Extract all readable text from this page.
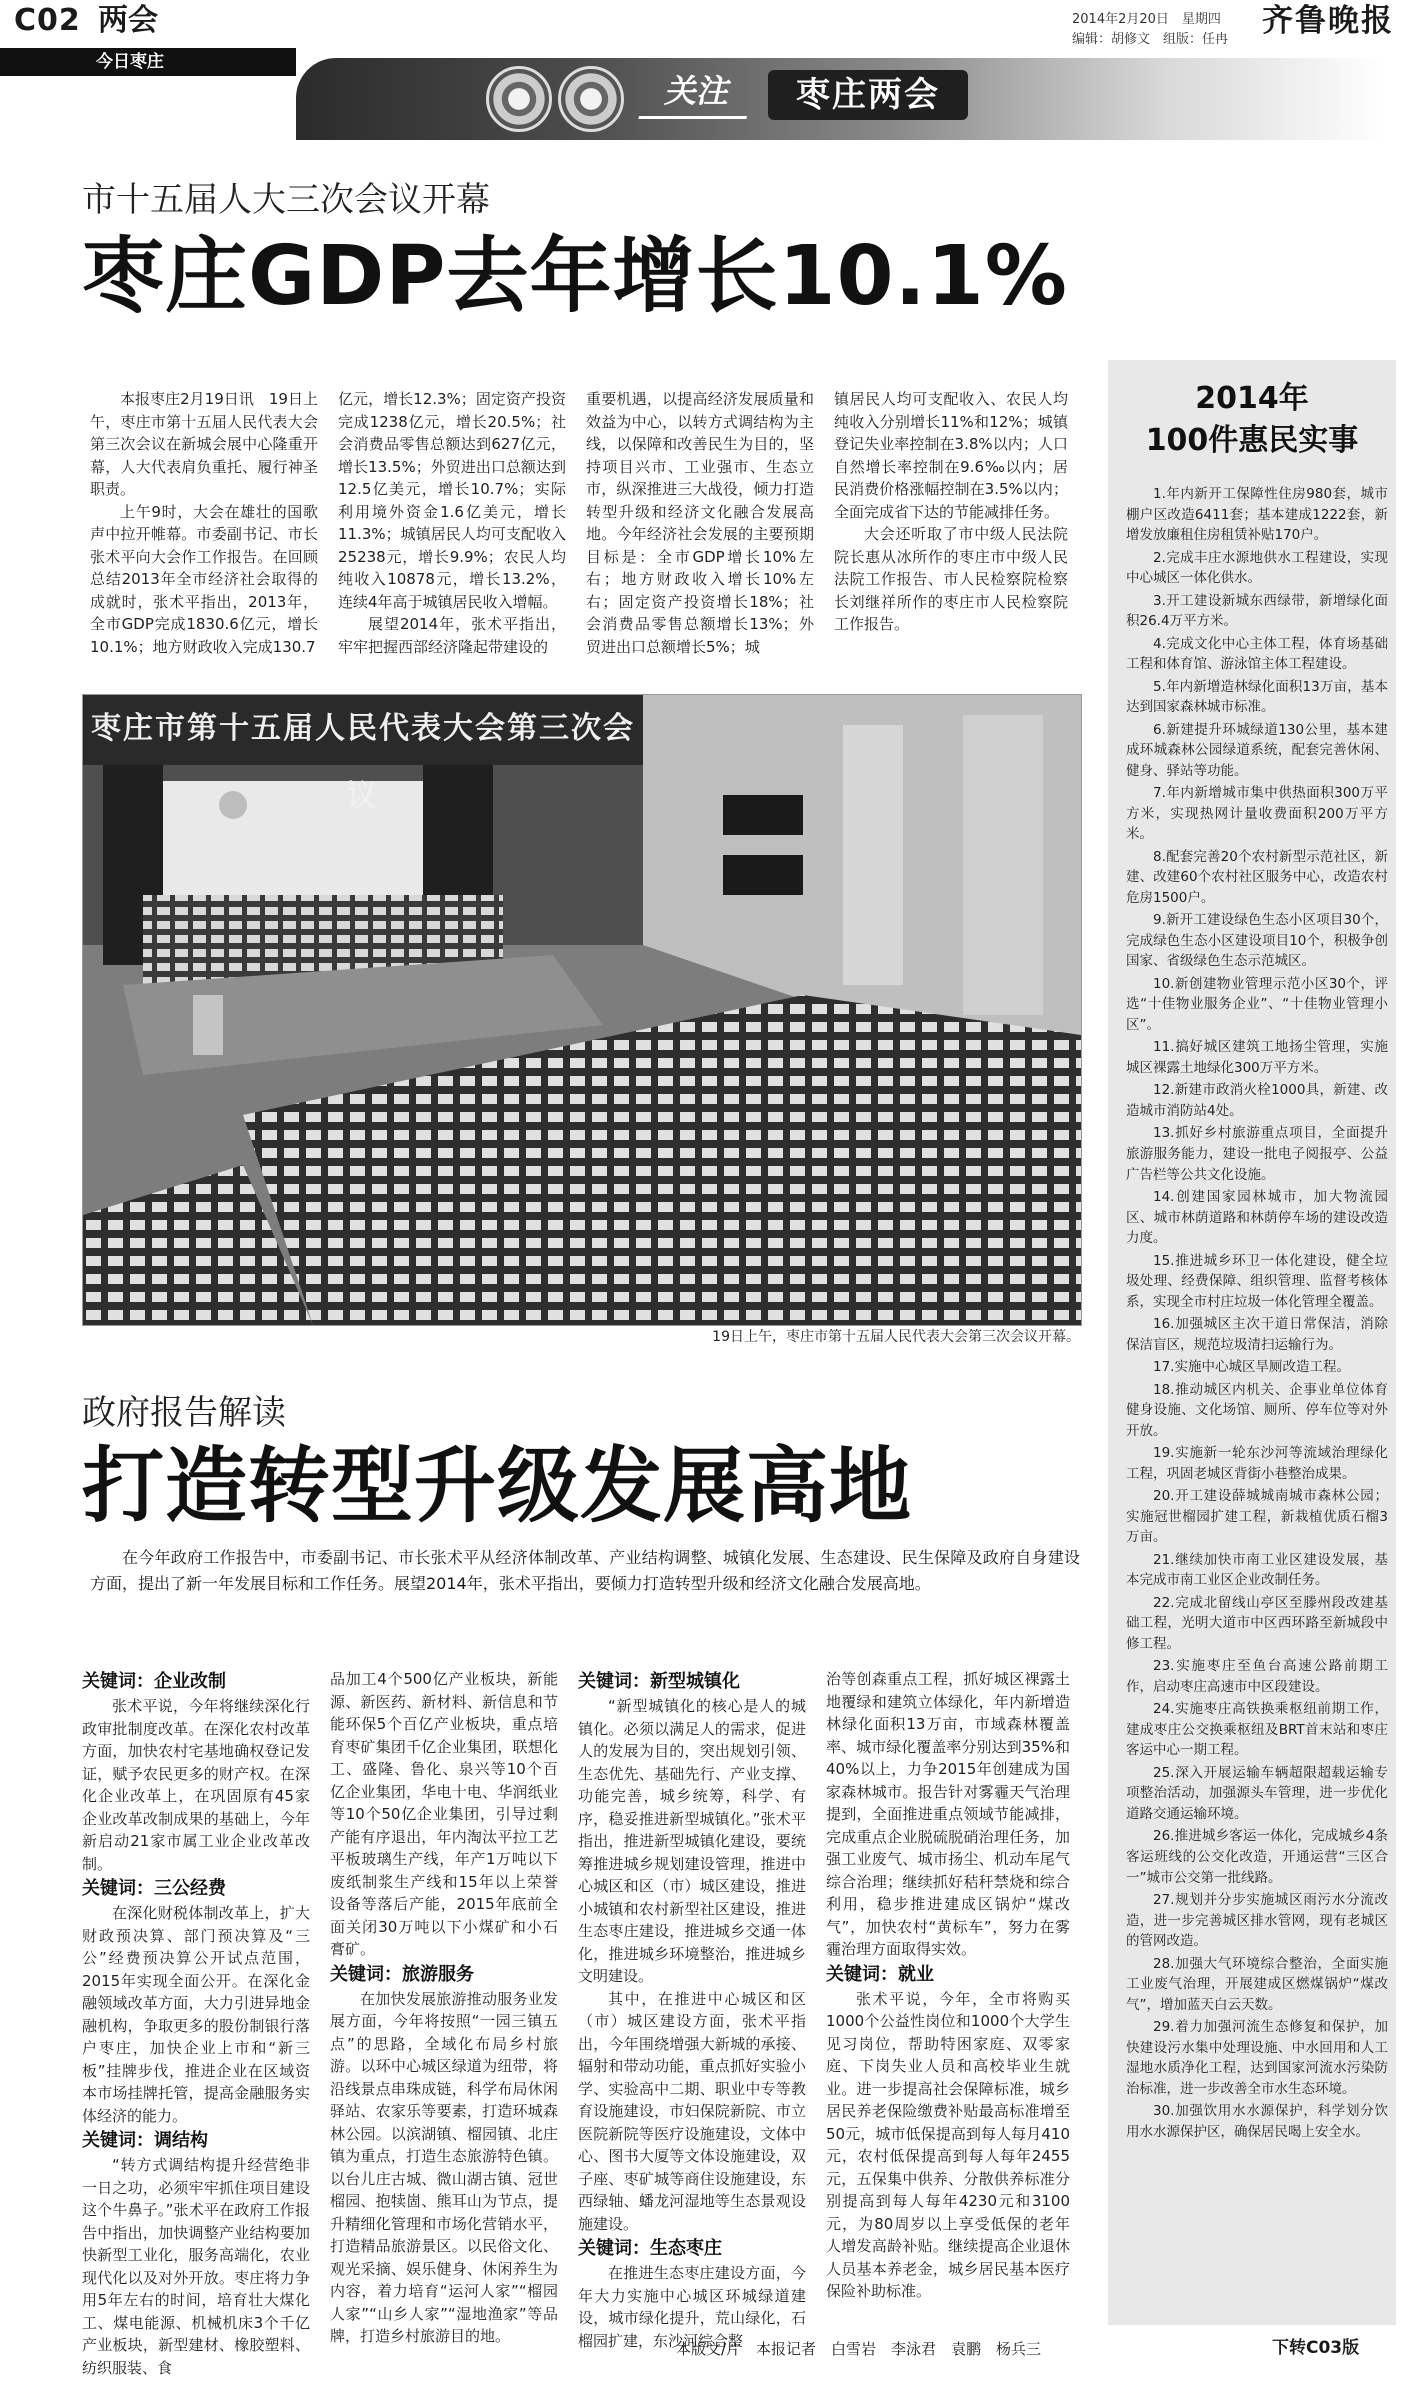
C02 两会
今日枣庄
2014年2月20日　星期四
编辑：胡修文　组版：任冉
齐鲁晚报
关注	枣庄两会
市十五届人大三次会议开幕
枣庄GDP去年增长10.1%

本报枣庄2月19日讯　19日上午，枣庄市第十五届人民代表大会第三次会议在新城会展中心隆重开幕，人大代表肩负重托、履行神圣职责。

上午9时，大会在雄壮的国歌声中拉开帷幕。市委副书记、市长张术平向大会作工作报告。在回顾总结2013年全市经济社会取得的成就时，张术平指出，2013年，全市GDP完成1830.6亿元，增长10.1%；地方财政收入完成130.7

亿元，增长12.3%；固定资产投资完成1238亿元，增长20.5%；社会消费品零售总额达到627亿元，增长13.5%；外贸进出口总额达到12.5亿美元，增长10.7%；实际利用境外资金1.6亿美元，增长11.3%；城镇居民人均可支配收入25238元，增长9.9%；农民人均纯收入10878元，增长13.2%，连续4年高于城镇居民收入增幅。

展望2014年，张术平指出，牢牢把握西部经济隆起带建设的

重要机遇，以提高经济发展质量和效益为中心，以转方式调结构为主线，以保障和改善民生为目的，坚持项目兴市、工业强市、生态立市，纵深推进三大战役，倾力打造转型升级和经济文化融合发展高地。今年经济社会发展的主要预期目标是：全市GDP增长10%左右；地方财政收入增长10%左右；固定资产投资增长18%；社会消费品零售总额增长13%；外贸进出口总额增长5%；城

镇居民人均可支配收入、农民人均纯收入分别增长11%和12%；城镇登记失业率控制在3.8%以内；人口自然增长率控制在9.6‰以内；居民消费价格涨幅控制在3.5%以内；全面完成省下达的节能减排任务。

大会还听取了市中级人民法院院长惠从冰所作的枣庄市中级人民法院工作报告、市人民检察院检察长刘继祥所作的枣庄市人民检察院工作报告。

枣庄市第十五届人民代表大会第三次会议
19日上午，枣庄市第十五届人民代表大会第三次会议开幕。
2014年
100件惠民实事

1.年内新开工保障性住房980套，城市棚户区改造6411套；基本建成1222套，新增发放廉租住房租赁补贴170户。

2.完成丰庄水源地供水工程建设，实现中心城区一体化供水。

3.开工建设新城东西绿带，新增绿化面积26.4万平方米。

4.完成文化中心主体工程，体育场基础工程和体育馆、游泳馆主体工程建设。

5.年内新增造林绿化面积13万亩，基本达到国家森林城市标准。

6.新建提升环城绿道130公里，基本建成环城森林公园绿道系统，配套完善休闲、健身、驿站等功能。

7.年内新增城市集中供热面积300万平方米，实现热网计量收费面积200万平方米。

8.配套完善20个农村新型示范社区，新建、改建60个农村社区服务中心，改造农村危房1500户。

9.新开工建设绿色生态小区项目30个，完成绿色生态小区建设项目10个，积极争创国家、省级绿色生态示范城区。

10.新创建物业管理示范小区30个，评选“十佳物业服务企业”、“十佳物业管理小区”。

11.搞好城区建筑工地扬尘管理，实施城区裸露土地绿化300万平方米。

12.新建市政消火栓1000具，新建、改造城市消防站4处。

13.抓好乡村旅游重点项目，全面提升旅游服务能力，建设一批电子阅报亭、公益广告栏等公共文化设施。

14.创建国家园林城市，加大物流园区、城市林荫道路和林荫停车场的建设改造力度。

15.推进城乡环卫一体化建设，健全垃圾处理、经费保障、组织管理、监督考核体系，实现全市村庄垃圾一体化管理全覆盖。

16.加强城区主次干道日常保洁，消除保洁盲区，规范垃圾清扫运输行为。

17.实施中心城区旱厕改造工程。

18.推动城区内机关、企事业单位体育健身设施、文化场馆、厕所、停车位等对外开放。

19.实施新一轮东沙河等流域治理绿化工程，巩固老城区背街小巷整治成果。

20.开工建设薛城城南城市森林公园；实施冠世榴园扩建工程，新栽植优质石榴3万亩。

21.继续加快市南工业区建设发展，基本完成市南工业区企业改制任务。

22.完成北留线山亭区至滕州段改建基础工程，光明大道市中区西环路至新城段中修工程。

23.实施枣庄至鱼台高速公路前期工作，启动枣庄高速市中区段建设。

24.实施枣庄高铁换乘枢纽前期工作，建成枣庄公交换乘枢纽及BRT首末站和枣庄客运中心一期工程。

25.深入开展运输车辆超限超载运输专项整治活动，加强源头车管理，进一步优化道路交通运输环境。

26.推进城乡客运一体化，完成城乡4条客运班线的公交化改造，开通运营“三区合一”城市公交第一批线路。

27.规划并分步实施城区雨污水分流改造，进一步完善城区排水管网，现有老城区的管网改造。

28.加强大气环境综合整治，全面实施工业废气治理，开展建成区燃煤锅炉“煤改气”，增加蓝天白云天数。

29.着力加强河流生态修复和保护，加快建设污水集中处理设施、中水回用和人工湿地水质净化工程，达到国家河流水污染防治标准，进一步改善全市水生态环境。

30.加强饮用水水源保护，科学划分饮用水水源保护区，确保居民喝上安全水。

政府报告解读
打造转型升级发展高地
在今年政府工作报告中，市委副书记、市长张术平从经济体制改革、产业结构调整、城镇化发展、生态建设、民生保障及政府自身建设方面，提出了新一年发展目标和工作任务。展望2014年，张术平指出，要倾力打造转型升级和经济文化融合发展高地。
关键词：企业改制

张术平说，今年将继续深化行政审批制度改革。在深化农村改革方面，加快农村宅基地确权登记发证，赋予农民更多的财产权。在深化企业改革上，在巩固原有45家企业改革改制成果的基础上，今年新启动21家市属工业企业改革改制。

关键词：三公经费

在深化财税体制改革上，扩大财政预决算、部门预决算及“三公”经费预决算公开试点范围，2015年实现全面公开。在深化金融领域改革方面，大力引进异地金融机构，争取更多的股份制银行落户枣庄，加快企业上市和“新三板”挂牌步伐，推进企业在区域资本市场挂牌托管，提高金融服务实体经济的能力。

关键词：调结构

“转方式调结构提升经营绝非一日之功，必须牢牢抓住项目建设这个牛鼻子。”张术平在政府工作报告中指出，加快调整产业结构要加快新型工业化，服务高端化，农业现代化以及对外开放。枣庄将力争用5年左右的时间，培育壮大煤化工、煤电能源、机械机床3个千亿产业板块，新型建材、橡胶塑料、纺织服装、食

品加工4个500亿产业板块，新能源、新医药、新材料、新信息和节能环保5个百亿产业板块，重点培育枣矿集团千亿企业集团，联想化工、盛隆、鲁化、泉兴等10个百亿企业集团，华电十电、华润纸业等10个50亿企业集团，引导过剩产能有序退出，年内淘汰平拉工艺平板玻璃生产线，年产1万吨以下废纸制浆生产线和15年以上荣誉设备等落后产能，2015年底前全面关闭30万吨以下小煤矿和小石膏矿。

关键词：旅游服务

在加快发展旅游推动服务业发展方面，今年将按照“一园三镇五点”的思路，全域化布局乡村旅游。以环中心城区绿道为纽带，将沿线景点串珠成链，科学布局休闲驿站、农家乐等要素，打造环城森林公园。以滨湖镇、榴园镇、北庄镇为重点，打造生态旅游特色镇。以台儿庄古城、微山湖古镇、冠世榴园、抱犊崮、熊耳山为节点，提升精细化管理和市场化营销水平，打造精品旅游景区。以民俗文化、观光采摘、娱乐健身、休闲养生为内容，着力培育“运河人家”“榴园人家”“山乡人家”“湿地渔家”等品牌，打造乡村旅游目的地。

关键词：新型城镇化

“新型城镇化的核心是人的城镇化。必须以满足人的需求，促进人的发展为目的，突出规划引领、生态优先、基础先行、产业支撑、功能完善，城乡统筹，科学、有序，稳妥推进新型城镇化。”张术平指出，推进新型城镇化建设，要统筹推进城乡规划建设管理，推进中心城区和区（市）城区建设，推进小城镇和农村新型社区建设，推进生态枣庄建设，推进城乡交通一体化，推进城乡环境整治，推进城乡文明建设。

其中，在推进中心城区和区（市）城区建设方面，张术平指出，今年围绕增强大新城的承接、辐射和带动功能，重点抓好实验小学、实验高中二期、职业中专等教育设施建设，市妇保院新院、市立医院新院等医疗设施建设，文体中心、图书大厦等文体设施建设，双子座、枣矿城等商住设施建设，东西绿轴、蟠龙河湿地等生态景观设施建设。

关键词：生态枣庄

在推进生态枣庄建设方面，今年大力实施中心城区环城绿道建设，城市绿化提升，荒山绿化，石榴园扩建，东沙河综合整

治等创森重点工程，抓好城区裸露土地覆绿和建筑立体绿化，年内新增造林绿化面积13万亩，市域森林覆盖率、城市绿化覆盖率分别达到35%和40%以上，力争2015年创建成为国家森林城市。报告针对雾霾天气治理提到，全面推进重点领域节能减排，完成重点企业脱硫脱硝治理任务，加强工业废气、城市扬尘、机动车尾气综合治理；继续抓好秸秆禁烧和综合利用，稳步推进建成区锅炉“煤改气”，加快农村“黄标车”，努力在雾霾治理方面取得实效。

关键词：就业

张术平说，今年，全市将购买1000个公益性岗位和1000个大学生见习岗位，帮助特困家庭、双零家庭、下岗失业人员和高校毕业生就业。进一步提高社会保障标准，城乡居民养老保险缴费补贴最高标准增至50元，城市低保提高到每人每月410元，农村低保提高到每人每年2455元，五保集中供养、分散供养标准分别提高到每人每年4230元和3100元，为80周岁以上享受低保的老年人增发高龄补贴。继续提高企业退休人员基本养老金，城乡居民基本医疗保险补助标准。

本版文/片　本报记者　白雪岩　李泳君　袁鹏　杨兵三	下转C03版
